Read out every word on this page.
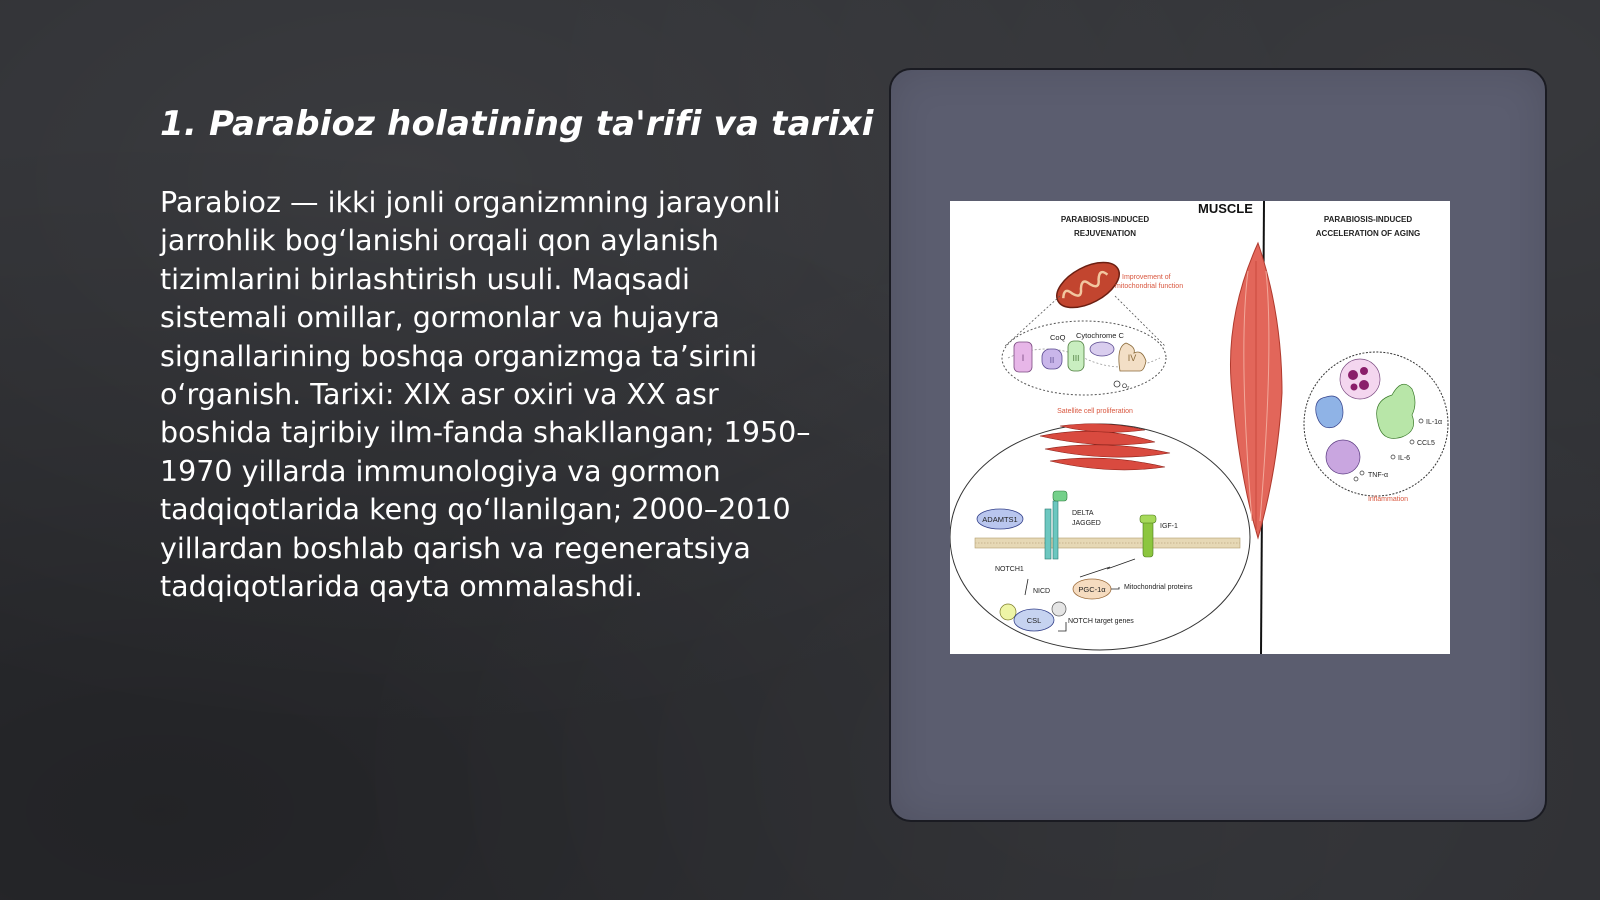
1. Parabioz holatining ta'rifi va tarixi
Parabioz — ikki jonli organizmning jarayonli
jarrohlik bog‘lanishi orqali qon aylanish
tizimlarini birlashtirish usuli. Maqsadi
sistemali omillar, gormonlar va hujayra
signallarining boshqa organizmga ta’sirini
o‘rganish. Tarixi: XIX asr oxiri va XX asr
boshida tajribiy ilm-fanda shakllangan; 1950–
1970 yillarda immunologiya va gormon
tadqiqotlarida keng qo‘llanilgan; 2000–2010
yillardan boshlab qarish va regeneratsiya
tadqiqotlarida qayta ommalashdi.
MUSCLE
PARABIOSIS-INDUCED
REJUVENATION
PARABIOSIS-INDUCED
ACCELERATION OF AGING
Improvement of
mitochondrial function
I	II III	IV
CoQ Cytochrome C
O₂
Satellite cell proliferation
ADAMTS1
DELTA
JAGGED
NOTCH1
IGF-1
NICD	PGC-1α	Mitochondrial proteins
CSL	NOTCH target genes
IL-1α
CCL5
IL-6
TNF-α
Inflammation
